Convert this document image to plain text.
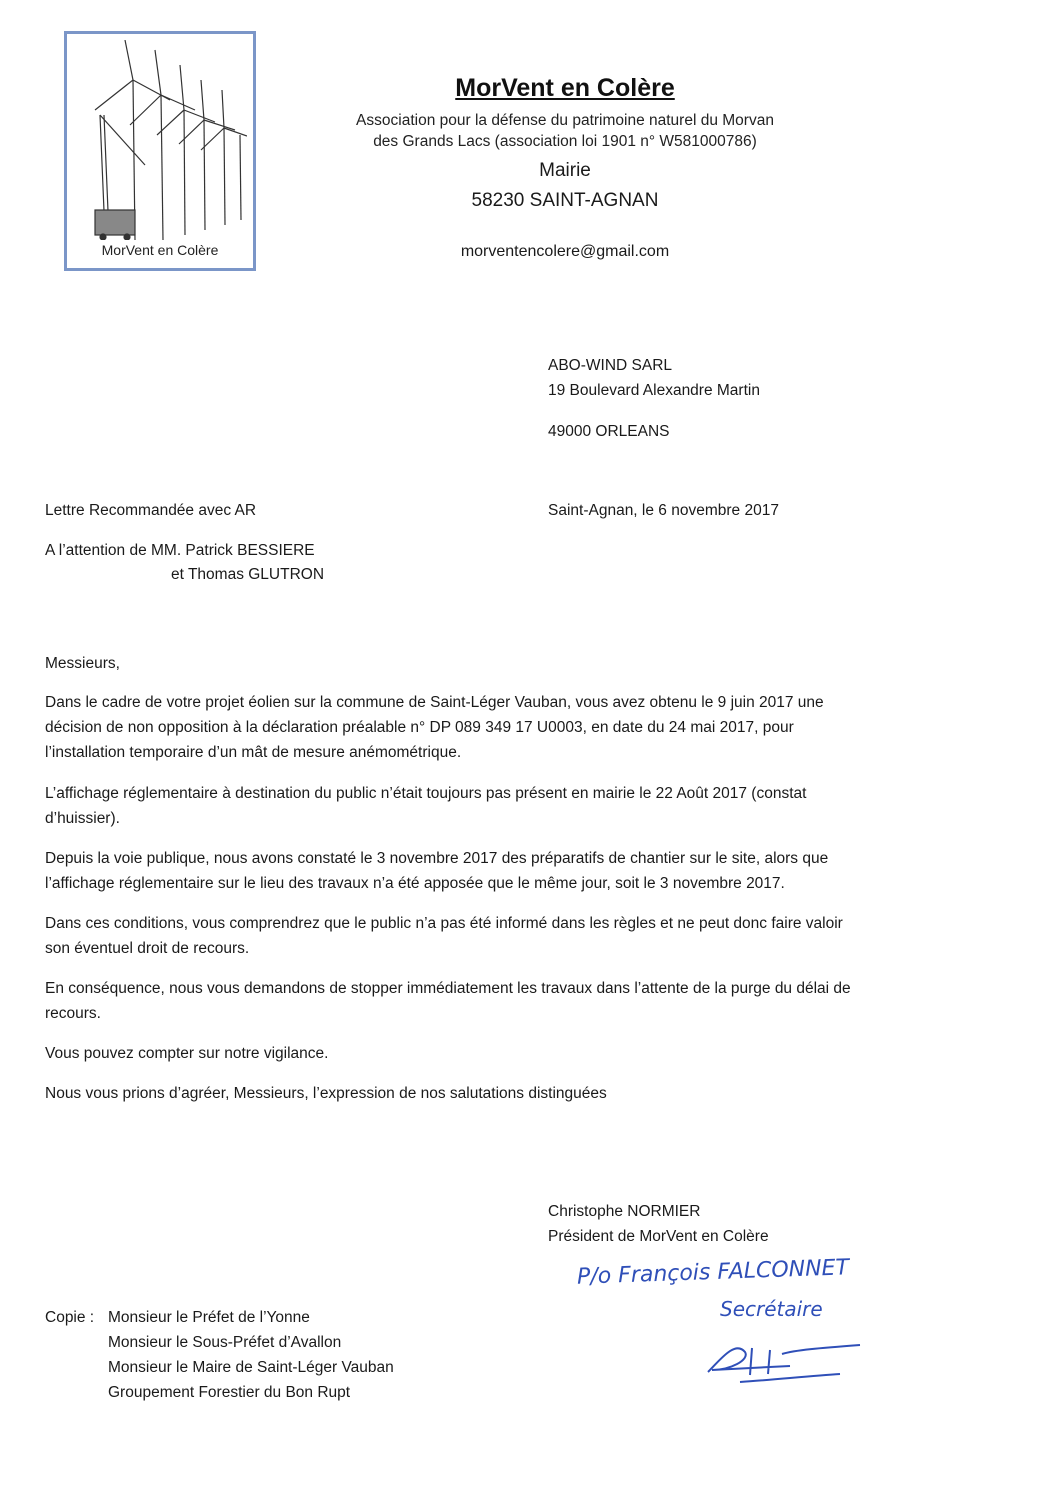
MorVent en Colère
MorVent en Colère
Association pour la défense du patrimoine naturel du Morvan
des Grands Lacs (association loi 1901 n° W581000786)
Mairie
58230 SAINT-AGNAN
morventencolere@gmail.com
ABO-WIND SARL
19 Boulevard Alexandre Martin
49000 ORLEANS
Lettre Recommandée avec AR	Saint-Agnan, le 6 novembre 2017
A l’attention de MM. Patrick BESSIERE
et Thomas GLUTRON
Messieurs,
Dans le cadre de votre projet éolien sur la commune de Saint-Léger Vauban, vous avez obtenu le 9 juin 2017 une
décision de non opposition à la déclaration préalable n° DP 089 349 17 U0003, en date du 24 mai 2017, pour
l’installation temporaire d’un mât de mesure anémométrique.
L’affichage réglementaire à destination du public n’était toujours pas présent en mairie le 22 Août 2017 (constat
d’huissier).
Depuis la voie publique, nous avons constaté le 3 novembre 2017 des préparatifs de chantier sur le site, alors que
l’affichage réglementaire sur le lieu des travaux n’a été apposée que le même jour, soit le 3 novembre 2017.
Dans ces conditions, vous comprendrez que le public n’a pas été informé dans les règles et ne peut donc faire valoir
son éventuel droit de recours.
En conséquence, nous vous demandons de stopper immédiatement les travaux dans l’attente de la purge du délai de
recours.
Vous pouvez compter sur notre vigilance.
Nous vous prions d’agréer, Messieurs, l’expression de nos salutations distinguées
Christophe NORMIER
Président de MorVent en Colère
P/o François FALCONNET
Secrétaire
Copie : Monsieur le Préfet de l’Yonne
Monsieur le Sous-Préfet d’Avallon
Monsieur le Maire de Saint-Léger Vauban
Groupement Forestier du Bon Rupt
